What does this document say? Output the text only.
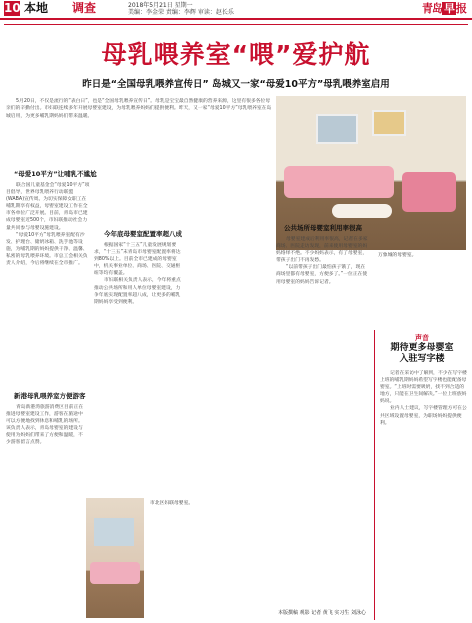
10 本地 调查	2018年5月21日 星期一
美编：李金荣 责编：李辉 审读：赵长乐	青岛 早 报
母乳喂养室“喂”爱护航
昨日是“全国母乳喂养宣传日” 岛城又一家“母爱10平方”母乳喂养室启用
5月20日，不仅是流行的“表白日”，也是“全国母乳喂养宣传日”。母乳是宝宝最自然健康的营养来源，这里有很多各位母亲们的辛勤付出。市妇联连续多年开展母婴室建设，为母乳喂养妈妈们提供便利。昨天，又一家“母爱10平方”母乳喂养室在岛城启用，为更多哺乳期妈妈们带来温暖。
万象城的母婴室。
“母爱10平方”让哺乳不尴尬

联合国儿童基金会“母爱10平方”项目倡导，世界母乳喂养行动联盟(WABA)宣传周。为切实保障女职工在哺乳期享有权益，母婴室建设工作在全市各单位广泛开展。目前，青岛市已建成母婴室近500个，市妇联推动社会力量共同参与母婴设施建设。

“母爱10平方”母乳喂养室配有沙发、护理台、储奶冰箱、洗手池等设施，为哺乳期的妈妈提供干净、温馨、私密的母乳喂养环境。市总工会相关负责人介绍，今后将继续在全市推广。

新港母乳喂养室方便游客

青岛新港湾旅游消费区目前正在推进母婴室建设工作，游客在旅途中可以方便地找到休息和哺乳的场所。该负责人表示，青岛母婴室的建设与使用为妈妈们带来了方便和温暖，不少游客留言点赞。

今年底母婴室配置率超八成

根据国家“十三五”儿童发展规划要求，“十三五”末青岛市母婴室配置率将达到80%以上。目前全市已建成的母婴室中，机关事业单位、商场、医院、交通枢纽等均有覆盖。

市妇联相关负责人表示，今年将重点推动公共场所和用人单位母婴室建设，力争年底实现配置率超八成，让更多的哺乳期妈妈享受到便利。

市北区妇联母婴室。
公共场所母婴室利用率很高

母婴室建成后利用率很高，记者在多家商场、医院走访发现，前来使用母婴室的妈妈络绎不绝。不少妈妈表示，有了母婴室，带孩子出门不再发愁。

“以前带孩子出门最怕孩子饿了，现在商场里都有母婴室，方便多了。”一位正在使用母婴室的妈妈告诉记者。

声音
期待更多母婴室
入驻写字楼

记者在采访中了解到，不少在写字楼上班的哺乳期妈妈希望写字楼也能配备母婴室。“上班时需要吸奶，找不到合适的地方，只能在卫生间解决。”一位上班族妈妈说。

业内人士建议，写字楼管理方可在公共区域设置母婴室，为职场妈妈提供便利。

本版撰稿 观影 记者 黄飞 实习生 刘泳心
